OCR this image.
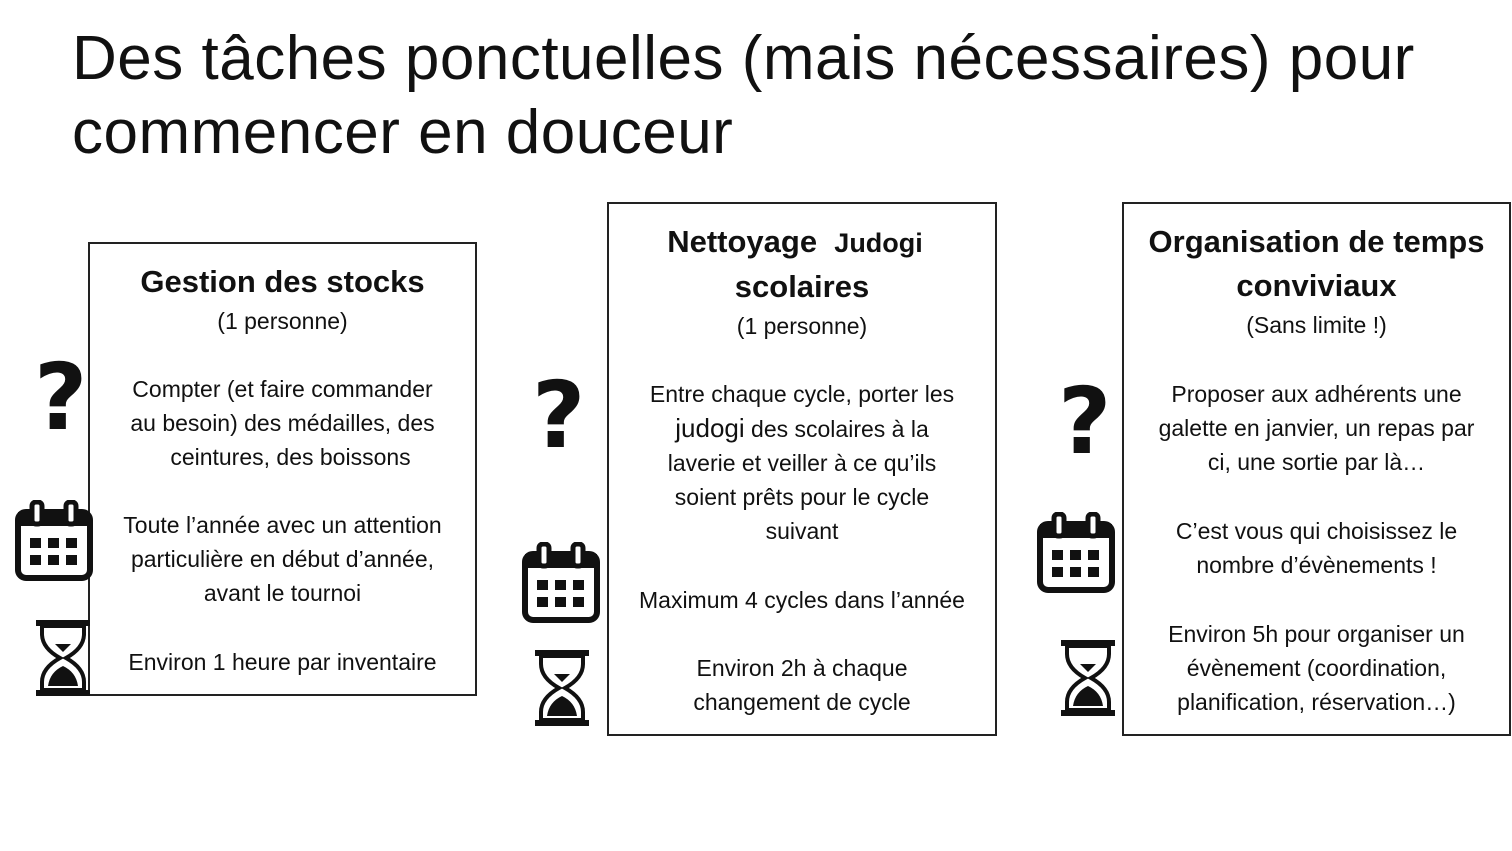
Des tâches ponctuelles (mais nécessaires) pour
commencer en douceur

Gestion des stocks

(1 personne)

Compter (et faire commander

au besoin) des médailles, des

ceintures, des boissons

Toute l’année avec un attention

particulière en début d’année,

avant le tournoi

Environ 1 heure par inventaire

?

Nettoyage Judogi

scolaires

(1 personne)

Entre chaque cycle, porter les

judogi des scolaires à la

laverie et veiller à ce qu’ils

soient prêts pour le cycle

suivant

Maximum 4 cycles dans l’année

Environ 2h à chaque

changement de cycle

?

Organisation de temps

conviviaux

(Sans limite !)

Proposer aux adhérents une

galette en janvier, un repas par

ci, une sortie par là…

C’est vous qui choisissez le

nombre d’évènements !

Environ 5h pour organiser un

évènement (coordination,

planification, réservation…)

?
